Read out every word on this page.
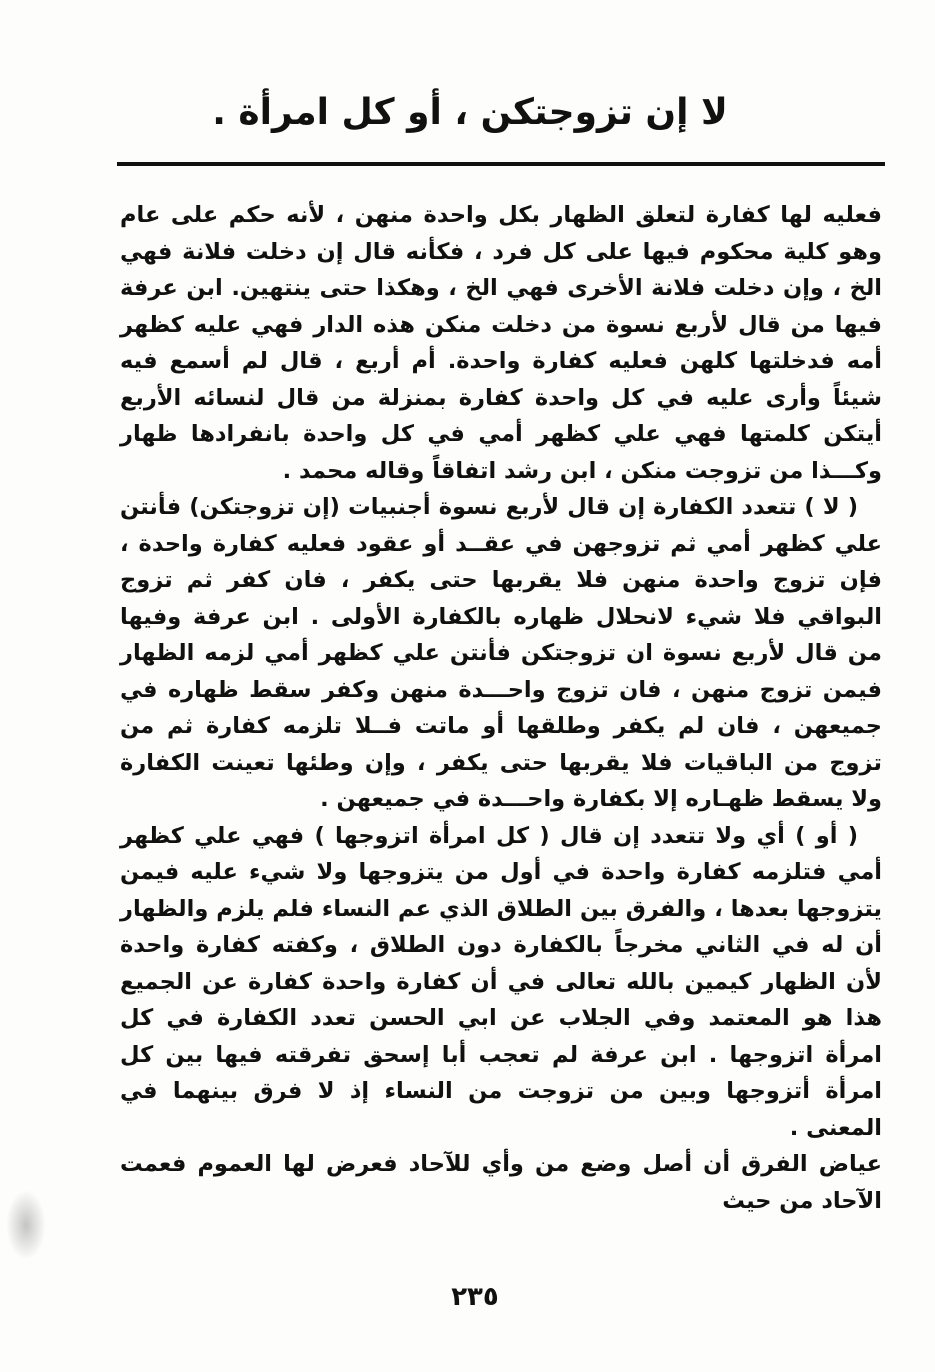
لا إن تزوجتكن ، أو كل امرأة .

فعليه لها كفارة لتعلق الظهار بكل واحدة منهن ، لأنه حكم على عام وهو كلية محكوم فيها على كل فرد ، فكأنه قال إن دخلت فلانة فهي الخ ، وإن دخلت فلانة الأخرى فهي الخ ، وهكذا حتى ينتهين. ابن عرفة فيها من قال لأربع نسوة من دخلت منكن هذه الدار فهي عليه كظهر أمه فدخلتها كلهن فعليه كفارة واحدة. أم أربع ، قال لم أسمع فيه شيئاً وأرى عليه في كل واحدة كفارة بمنزلة من قال لنسائه الأربع أيتكن كلمتها فهي علي كظهر أمي في كل واحدة بانفرادها ظهار وكـــذا من تزوجت منكن ، ابن رشد اتفاقاً وقاله محمد .

( لا ) تتعدد الكفارة إن قال لأربع نسوة أجنبيات (إن تزوجتكن) فأنتن علي كظهر أمي ثم تزوجهن في عقــد أو عقود فعليه كفارة واحدة ، فإن تزوج واحدة منهن فلا يقربها حتى يكفر ، فان كفر ثم تزوج البواقي فلا شيء لانحلال ظهاره بالكفارة الأولى . ابن عرفة وفيها من قال لأربع نسوة ان تزوجتكن فأنتن علي كظهر أمي لزمه الظهار فيمن تزوج منهن ، فان تزوج واحـــدة منهن وكفر سقط ظهاره في جميعهن ، فان لم يكفر وطلقها أو ماتت فــلا تلزمه كفارة ثم من تزوج من الباقيات فلا يقربها حتى يكفر ، وإن وطئها تعينت الكفارة ولا يسقط ظهـاره إلا بكفارة واحـــدة في جميعهن .

( أو ) أي ولا تتعدد إن قال ( كل امرأة اتزوجها ) فهي علي كظهر أمي فتلزمه كفارة واحدة في أول من يتزوجها ولا شيء عليه فيمن يتزوجها بعدها ، والفرق بين الطلاق الذي عم النساء فلم يلزم والظهار أن له في الثاني مخرجاً بالكفارة دون الطلاق ، وكفته كفارة واحدة لأن الظهار كيمين بالله تعالى في أن كفارة واحدة كفارة عن الجميع هذا هو المعتمد وفي الجلاب عن ابي الحسن تعدد الكفارة في كل امرأة اتزوجها . ابن عرفة لم تعجب أبا إسحق تفرقته فيها بين كل امرأة أتزوجها وبين من تزوجت من النساء إذ لا فرق بينهما في المعنى .

عياض الفرق أن أصل وضع من وأي للآحاد فعرض لها العموم فعمت الآحاد من حيث

٢٣٥
